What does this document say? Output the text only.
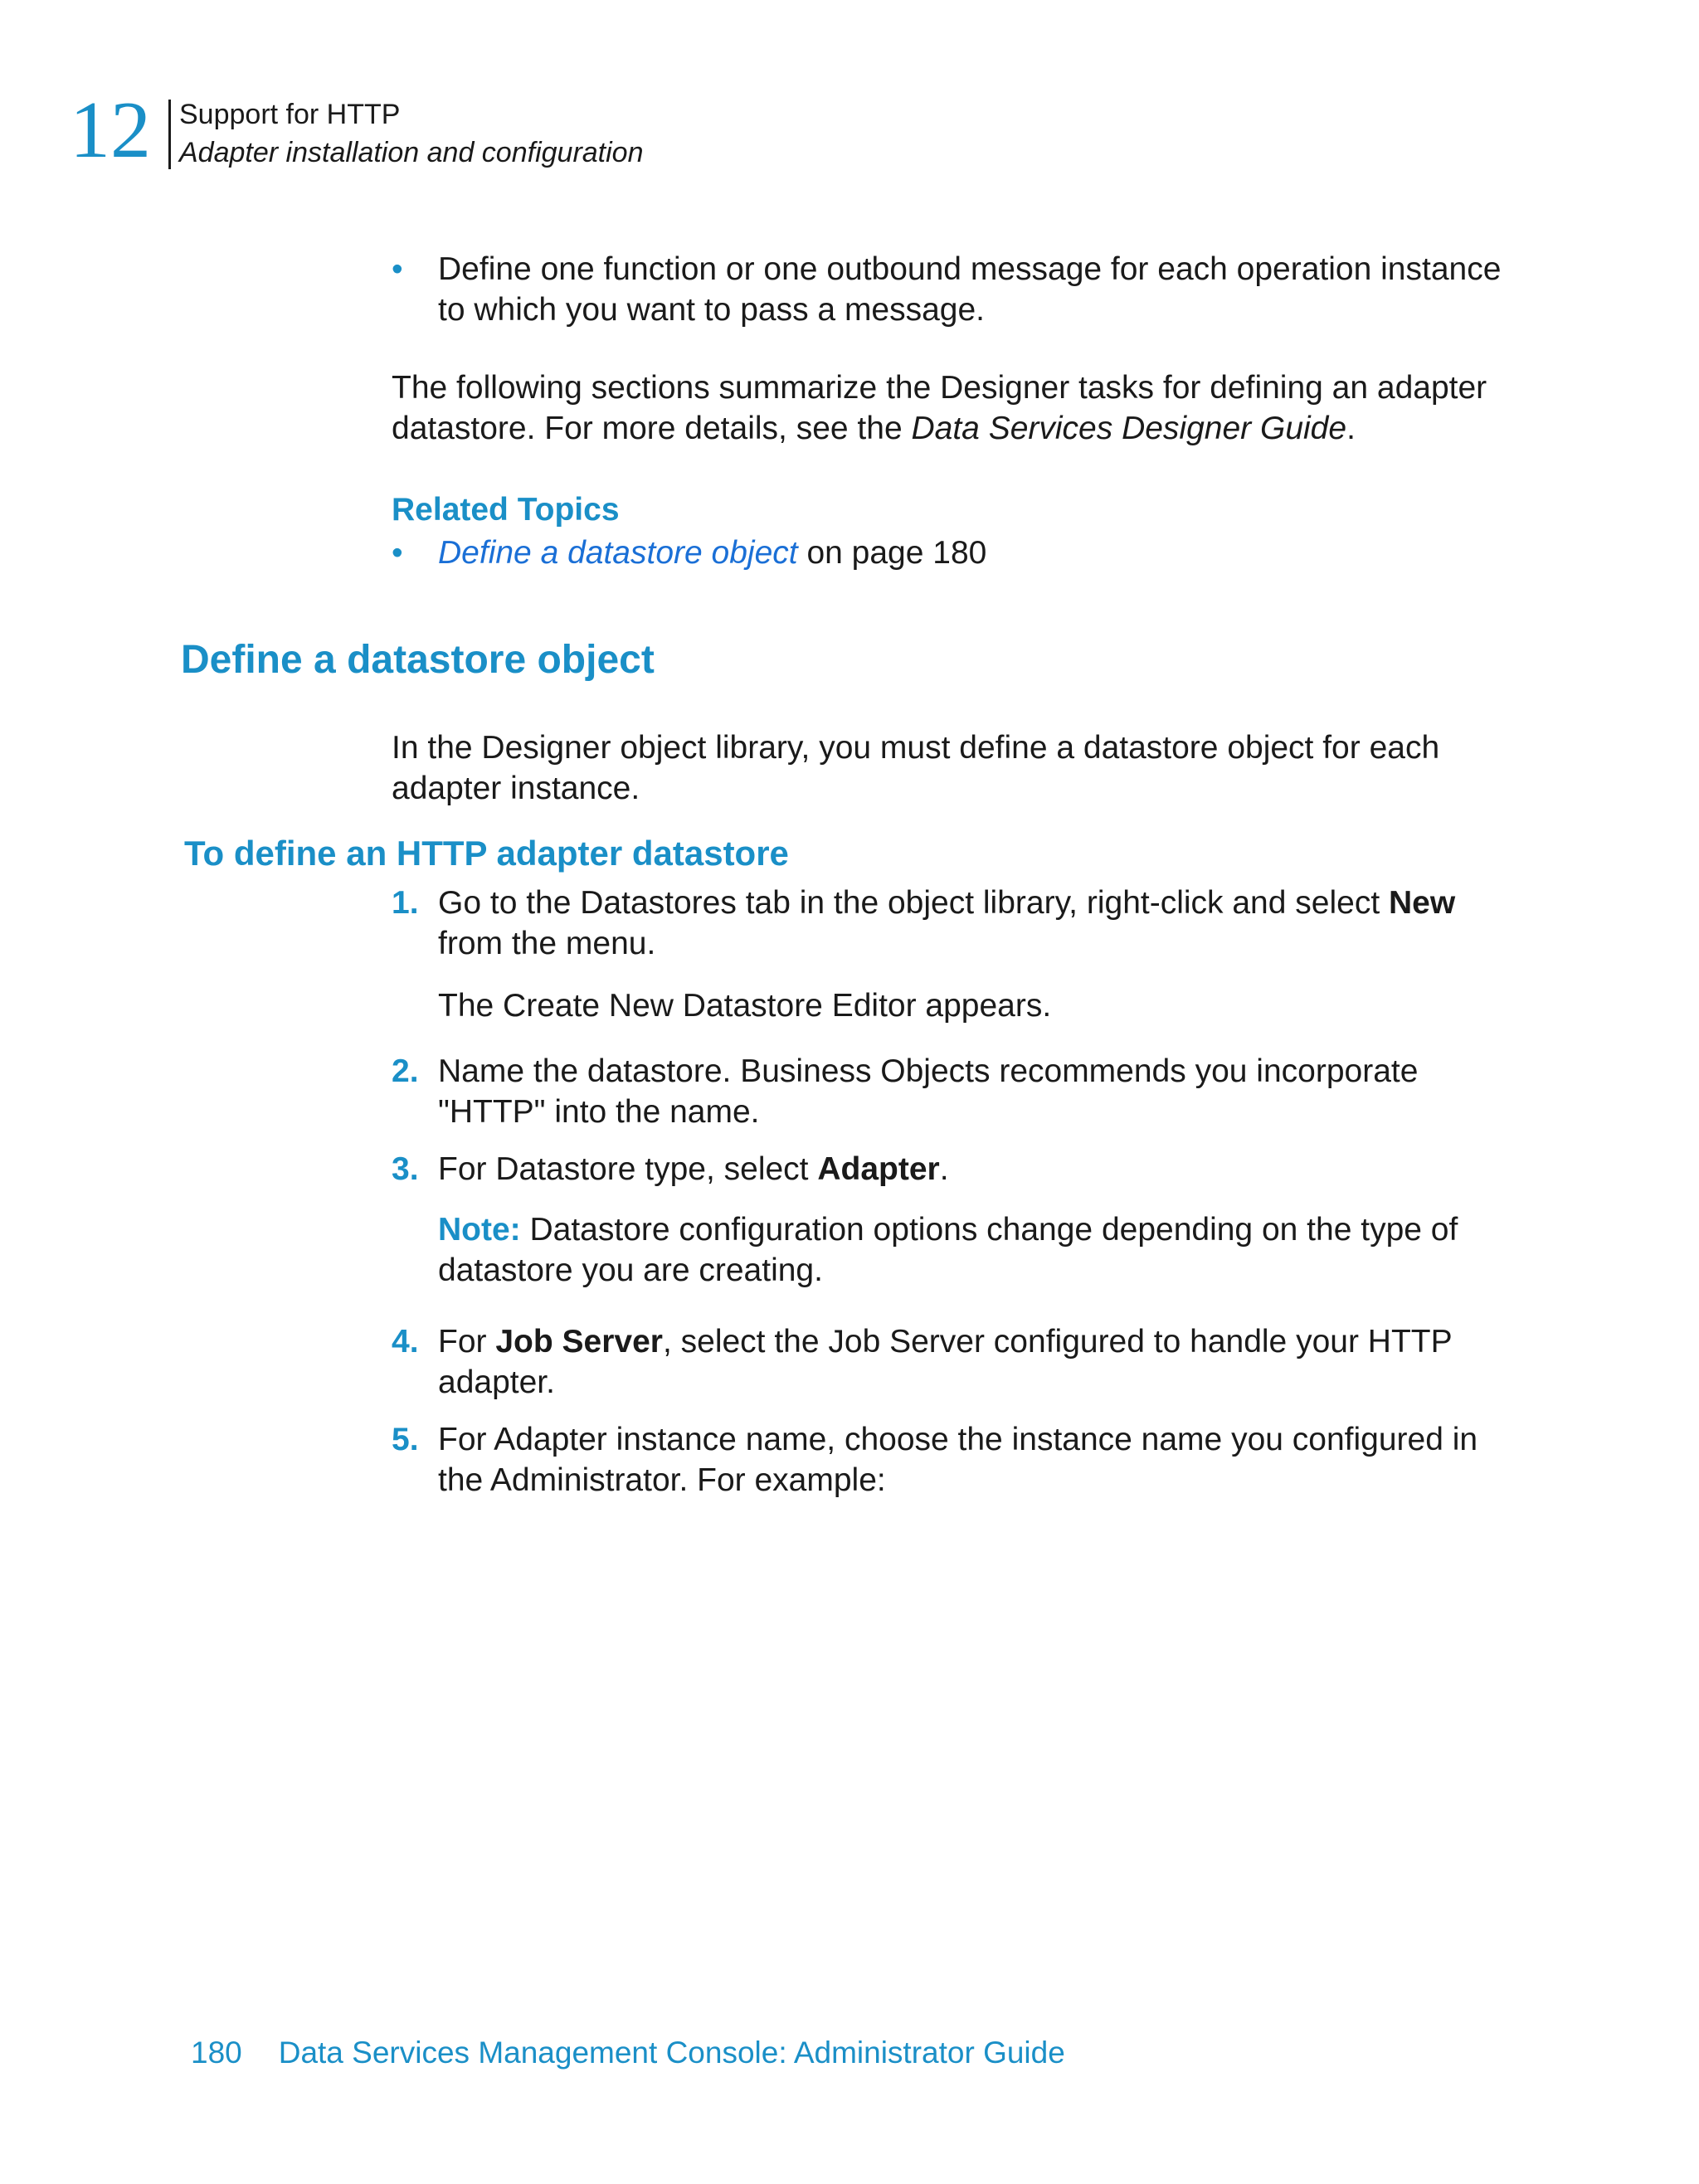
12 Support for HTTP
Adapter installation and configuration
• Define one function or one outbound message for each operation instance to which you want to pass a message.
The following sections summarize the Designer tasks for defining an adapter datastore. For more details, see the Data Services Designer Guide.
Related Topics
• Define a datastore object on page 180
Define a datastore object
In the Designer object library, you must define a datastore object for each adapter instance.
To define an HTTP adapter datastore
1. Go to the Datastores tab in the object library, right-click and select New from the menu.
The Create New Datastore Editor appears.
2. Name the datastore. Business Objects recommends you incorporate "HTTP" into the name.
3. For Datastore type, select Adapter.
Note: Datastore configuration options change depending on the type of datastore you are creating.
4. For Job Server, select the Job Server configured to handle your HTTP adapter.
5. For Adapter instance name, choose the instance name you configured in the Administrator. For example:
180 Data Services Management Console: Administrator Guide
